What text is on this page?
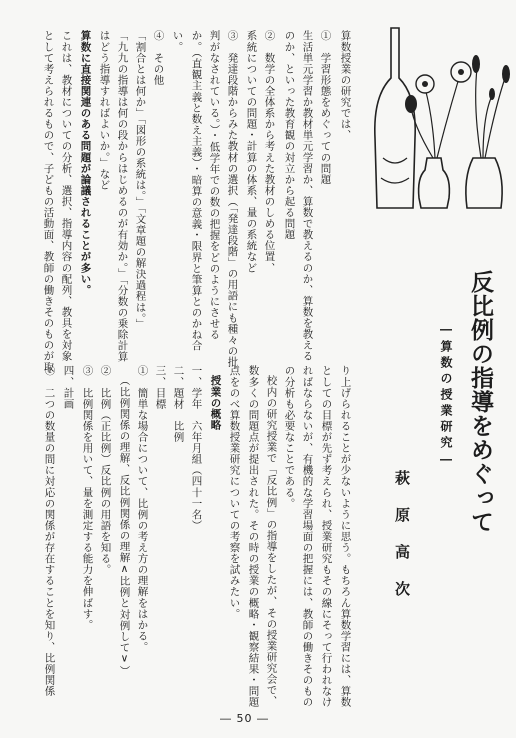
算数授業の研究では、
①　学習形態をめぐっての問題
生活単元学習か教材単元学習か、算数で教えるのか、算数を教える
のか、といった教育観の対立から起る問題
②　数学の全体系から考えた教材のしめる位置、
系統についての問題・計算の体系、量の系統など
③　発達段階からみた教材の選択（「発達段階」の用語にも種々の批
判がなされている。）・低学年での数の把握をどのようにさせる
か。（直観主義と数え主義）・暗算の意義・限界と筆算とのかね合
い。
④　その他
「割合とは何か」「図形の系統は。」「文章題の解決過程は。」
「九九の指導は何の段からはじめるのが有効か。」「分数の乗除計算
はどう指導すればよいか。」など
算数に直接関連のある問題が論議されることが多い。
これは、教材についての分析、選択、指導内容の配列、教具を対象
として考えられるもので、子どもの活動面、教師の働きそのものが取
反比例の指導をめぐって
―算数の授業研究―
萩原高次
り上げられることが少ないように思う。もちろん算数学習には、算数
としての目標が先ず考えられ、授業研究もその線にそって行われなけ
ればならないが、有機的な学習場面の把握には、教師の働きそのもの
の分析も必要なことである。
校内の研究授業で「反比例」の指導をしたが、その授業研究会で、
数多くの問題点が提出された。その時の授業の概略・観察結果・問題
点をのべ算数授業研究についての考察を試みたい。
授業の概略
一、学年　六年月組（四十一名）
二、題材　比例
三、目標
①　簡単な場合について、比例の考え方の理解をはかる。
（比例関係の理解、反比例関係の理解∧比例と対例して∨）
②　比例（正比例）反比例の用語を知る。
③　比例関係を用いて、量を測定する能力を伸ばす。
四、計画
①　二つの数量の間に対応の関係が存在することを知り、比例関係
― 50 ―
